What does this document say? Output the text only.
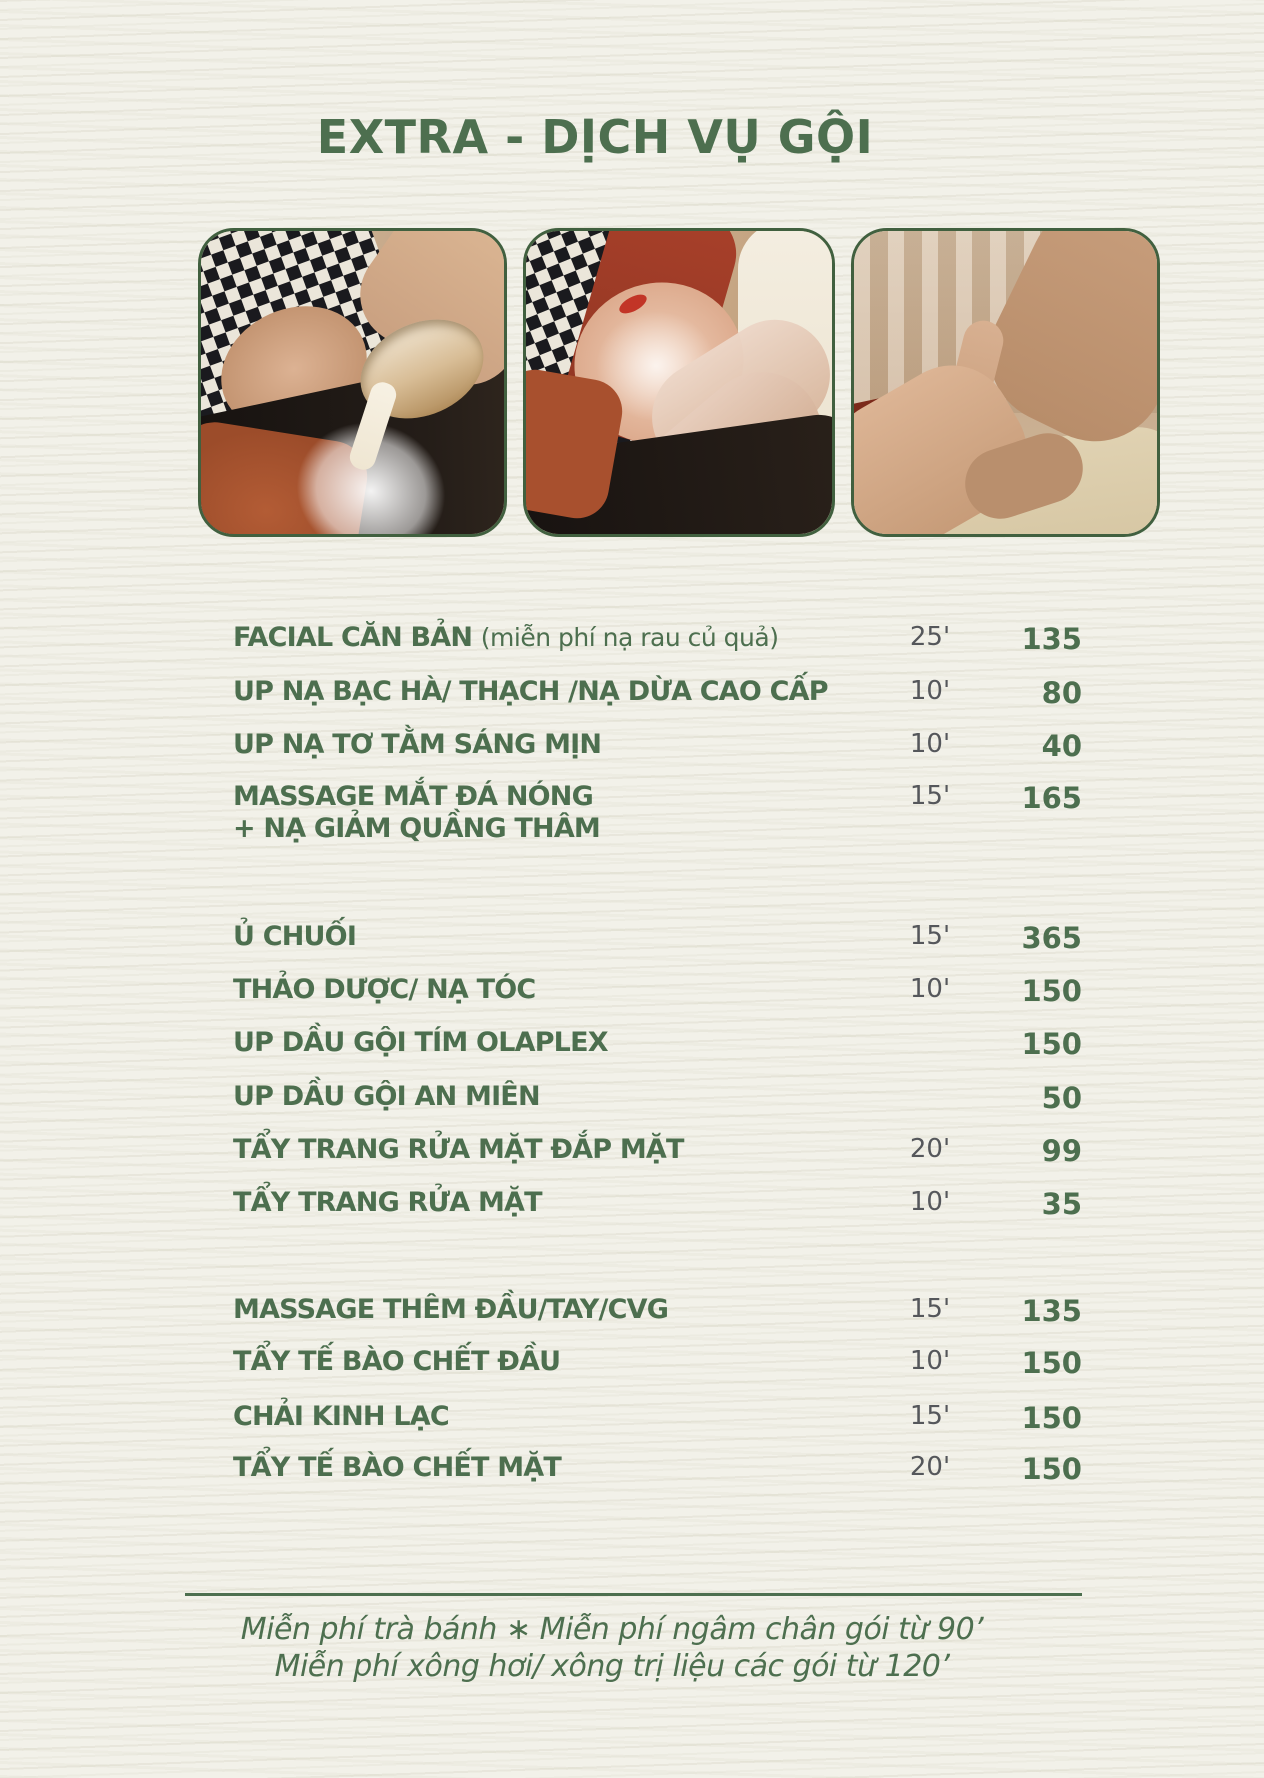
EXTRA - DỊCH VỤ GỘI
FACIAL CĂN BẢN (miễn phí nạ rau củ quả)	25'	135
UP NẠ BẠC HÀ/ THẠCH /NẠ DỪA CAO CẤP	10'	80
UP NẠ TƠ TẰM SÁNG MỊN	10'	40
MASSAGE MẮT ĐÁ NÓNG
+ NẠ GIẢM QUẦNG THÂM
15'	165
Ủ CHUỐI	15'	365
THẢO DƯỢC/ NẠ TÓC	10'	150
UP DẦU GỘI TÍM OLAPLEX	150
UP DẦU GỘI AN MIÊN	50
TẨY TRANG RỬA MẶT ĐẮP MẶT	20'	99
TẨY TRANG RỬA MẶT	10'	35
MASSAGE THÊM ĐẦU/TAY/CVG	15'	135
TẨY TẾ BÀO CHẾT ĐẦU	10'	150
CHẢI KINH LẠC	15'	150
TẨY TẾ BÀO CHẾT MẶT	20'	150
Miễn phí trà bánh ∗ Miễn phí ngâm chân gói từ 90’
Miễn phí xông hơi/ xông trị liệu các gói từ 120’
